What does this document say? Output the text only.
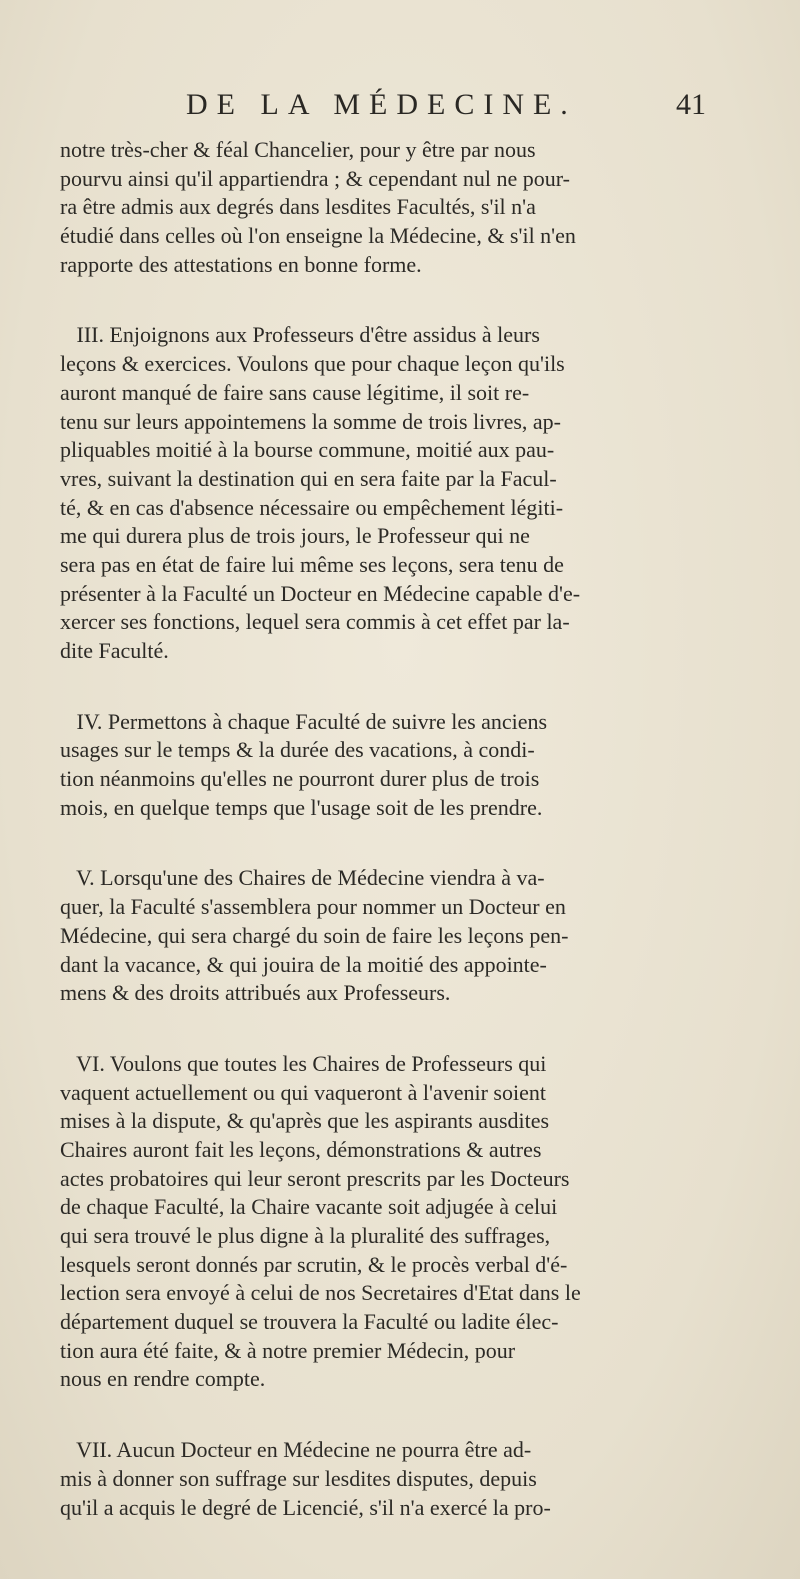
DE LA MÉDECINE.	41
notre très-cher & féal Chancelier, pour y être par nous
pourvu ainsi qu'il appartiendra ; & cependant nul ne pour-
ra être admis aux degrés dans lesdites Facultés, s'il n'a
étudié dans celles où l'on enseigne la Médecine, & s'il n'en
rapporte des attestations en bonne forme.
III. Enjoignons aux Professeurs d'être assidus à leurs
leçons & exercices. Voulons que pour chaque leçon qu'ils
auront manqué de faire sans cause légitime, il soit re-
tenu sur leurs appointemens la somme de trois livres, ap-
pliquables moitié à la bourse commune, moitié aux pau-
vres, suivant la destination qui en sera faite par la Facul-
té, & en cas d'absence nécessaire ou empêchement légiti-
me qui durera plus de trois jours, le Professeur qui ne
sera pas en état de faire lui même ses leçons, sera tenu de
présenter à la Faculté un Docteur en Médecine capable d'e-
xercer ses fonctions, lequel sera commis à cet effet par la-
dite Faculté.
IV. Permettons à chaque Faculté de suivre les anciens
usages sur le temps & la durée des vacations, à condi-
tion néanmoins qu'elles ne pourront durer plus de trois
mois, en quelque temps que l'usage soit de les prendre.
V. Lorsqu'une des Chaires de Médecine viendra à va-
quer, la Faculté s'assemblera pour nommer un Docteur en
Médecine, qui sera chargé du soin de faire les leçons pen-
dant la vacance, & qui jouira de la moitié des appointe-
mens & des droits attribués aux Professeurs.
VI. Voulons que toutes les Chaires de Professeurs qui
vaquent actuellement ou qui vaqueront à l'avenir soient
mises à la dispute, & qu'après que les aspirants ausdites
Chaires auront fait les leçons, démonstrations & autres
actes probatoires qui leur seront prescrits par les Docteurs
de chaque Faculté, la Chaire vacante soit adjugée à celui
qui sera trouvé le plus digne à la pluralité des suffrages,
lesquels seront donnés par scrutin, & le procès verbal d'é-
lection sera envoyé à celui de nos Secretaires d'Etat dans le
département duquel se trouvera la Faculté ou ladite élec-
tion aura été faite, & à notre premier Médecin, pour
nous en rendre compte.
VII. Aucun Docteur en Médecine ne pourra être ad-
mis à donner son suffrage sur lesdites disputes, depuis
qu'il a acquis le degré de Licencié, s'il n'a exercé la pro-
